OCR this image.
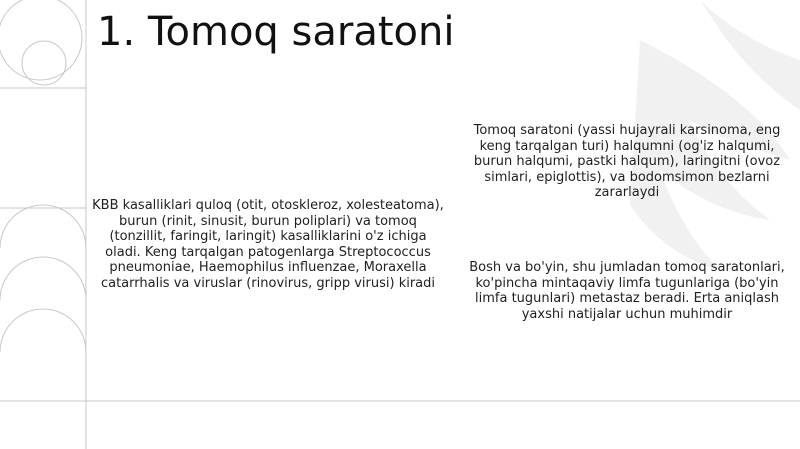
1. Tomoq saratoni
KBB kasalliklari quloq (otit, otoskleroz, xolesteatoma), burun (rinit, sinusit, burun poliplari) va tomoq (tonzillit, faringit, laringit) kasalliklarini o'z ichiga oladi. Keng tarqalgan patogenlarga Streptococcus pneumoniae, Haemophilus influenzae, Moraxella catarrhalis va viruslar (rinovirus, gripp virusi) kiradi
Tomoq saratoni (yassi hujayrali karsinoma, eng keng tarqalgan turi) halqumni (og'iz halqumi, burun halqumi, pastki halqum), laringitni (ovoz simlari, epiglottis), va bodomsimon bezlarni zararlaydi
Bosh va bo'yin, shu jumladan tomoq saratonlari, ko'pincha mintaqaviy limfa tugunlariga (bo'yin limfa tugunlari) metastaz beradi. Erta aniqlash yaxshi natijalar uchun muhimdir
